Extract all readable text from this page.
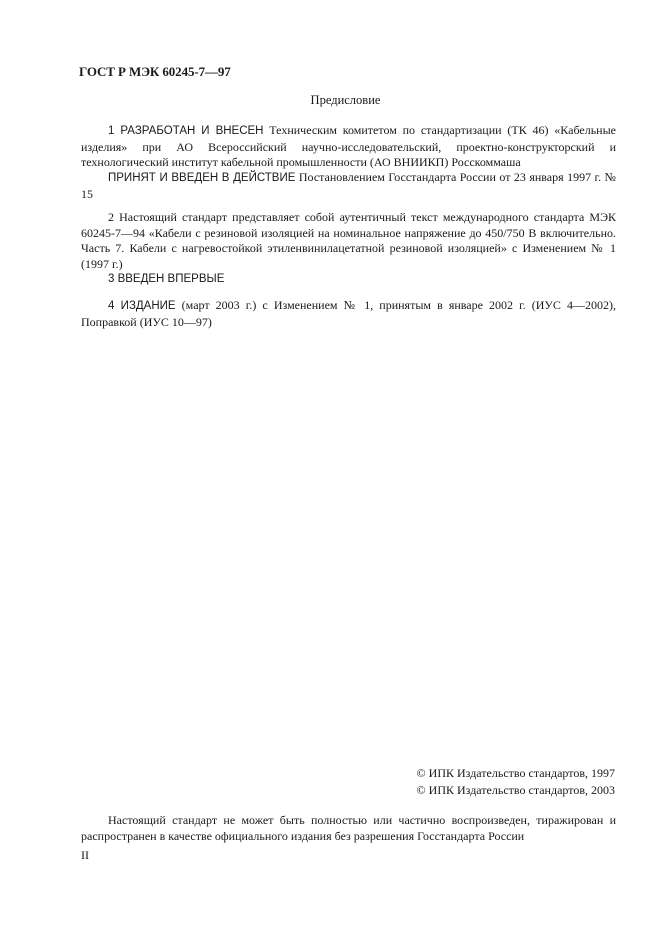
ГОСТ Р МЭК 60245-7—97
Предисловие
1 РАЗРАБОТАН И ВНЕСЕН Техническим комитетом по стандартизации (ТК 46) «Кабельные изделия» при АО Всероссийский научно-исследовательский, проектно-конструкторский и технологический институт кабельной промышленности (АО ВНИИКП) Росскоммаша
ПРИНЯТ И ВВЕДЕН В ДЕЙСТВИЕ Постановлением Госстандарта России от 23 января 1997 г. № 15
2 Настоящий стандарт представляет собой аутентичный текст международного стандарта МЭК 60245-7—94 «Кабели с резиновой изоляцией на номинальное напряжение до 450/750 В включительно. Часть 7. Кабели с нагревостойкой этиленвинилацетатной резиновой изоляцией» с Изменением № 1 (1997 г.)
3 ВВЕДЕН ВПЕРВЫЕ
4 ИЗДАНИЕ (март 2003 г.) с Изменением № 1, принятым в январе 2002 г. (ИУС 4—2002), Поправкой (ИУС 10—97)
© ИПК Издательство стандартов, 1997
© ИПК Издательство стандартов, 2003
Настоящий стандарт не может быть полностью или частично воспроизведен, тиражирован и распространен в качестве официального издания без разрешения Госстандарта России
II
